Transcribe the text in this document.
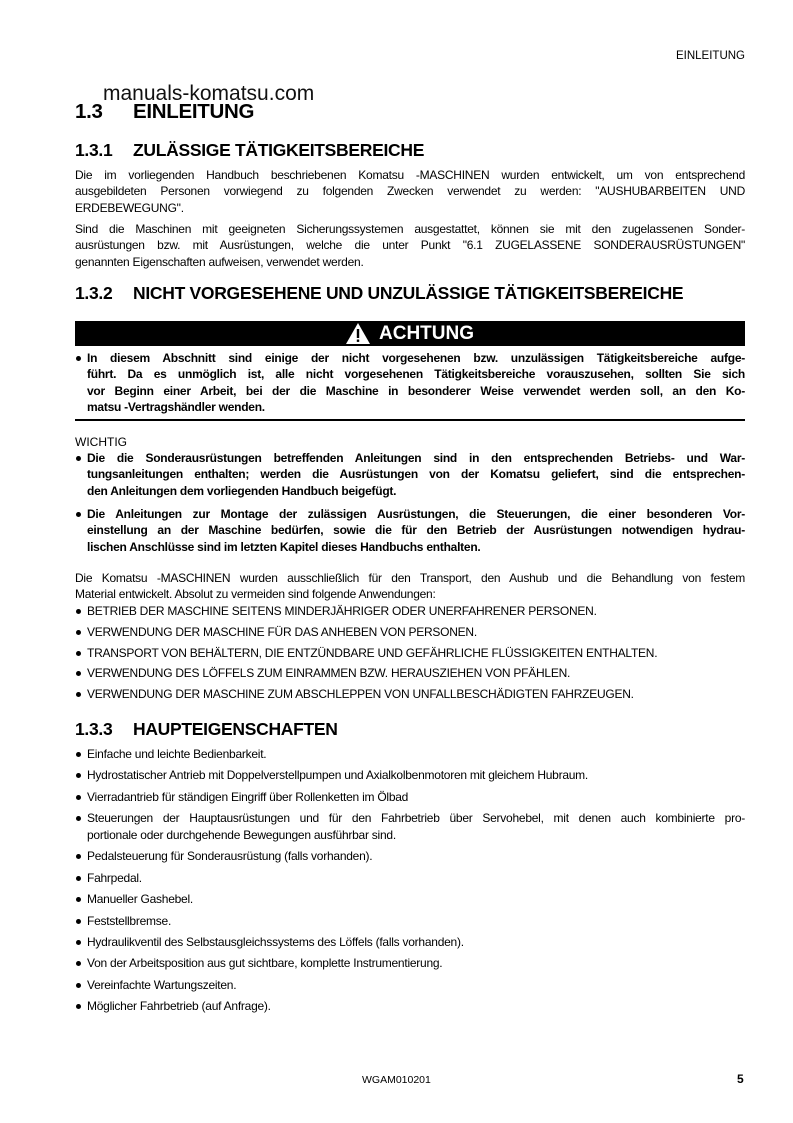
EINLEITUNG
manuals-komatsu.com
1.3 EINLEITUNG
1.3.1 ZULÄSSIGE TÄTIGKEITSBEREICHE
Die im vorliegenden Handbuch beschriebenen Komatsu -MASCHINEN wurden entwickelt, um von entsprechend
ausgebildeten Personen vorwiegend zu folgenden Zwecken verwendet zu werden: "AUSHUBARBEITEN UND
ERDEBEWEGUNG".
Sind die Maschinen mit geeigneten Sicherungssystemen ausgestattet, können sie mit den zugelassenen Sonder-
ausrüstungen bzw. mit Ausrüstungen, welche die unter Punkt "6.1 ZUGELASSENE SONDERAUSRÜSTUNGEN"
genannten Eigenschaften aufweisen, verwendet werden.
1.3.2 NICHT VORGESEHENE UND UNZULÄSSIGE TÄTIGKEITSBEREICHE
ACHTUNG
In diesem Abschnitt sind einige der nicht vorgesehenen bzw. unzulässigen Tätigkeitsbereiche aufge-
führt. Da es unmöglich ist, alle nicht vorgesehenen Tätigkeitsbereiche vorauszusehen, sollten Sie sich
vor Beginn einer Arbeit, bei der die Maschine in besonderer Weise verwendet werden soll, an den Ko-
matsu -Vertragshändler wenden.
WICHTIG
Die die Sonderausrüstungen betreffenden Anleitungen sind in den entsprechenden Betriebs- und War-
tungsanleitungen enthalten; werden die Ausrüstungen von der Komatsu geliefert, sind die entsprechen-
den Anleitungen dem vorliegenden Handbuch beigefügt.
Die Anleitungen zur Montage der zulässigen Ausrüstungen, die Steuerungen, die einer besonderen Vor-
einstellung an der Maschine bedürfen, sowie die für den Betrieb der Ausrüstungen notwendigen hydrau-
lischen Anschlüsse sind im letzten Kapitel dieses Handbuchs enthalten.
Die Komatsu -MASCHINEN wurden ausschließlich für den Transport, den Aushub und die Behandlung von festem
Material entwickelt. Absolut zu vermeiden sind folgende Anwendungen:
BETRIEB DER MASCHINE SEITENS MINDERJÄHRIGER ODER UNERFAHRENER PERSONEN.
VERWENDUNG DER MASCHINE FÜR DAS ANHEBEN VON PERSONEN.
TRANSPORT VON BEHÄLTERN, DIE ENTZÜNDBARE UND GEFÄHRLICHE FLÜSSIGKEITEN ENTHALTEN.
VERWENDUNG DES LÖFFELS ZUM EINRAMMEN BZW. HERAUSZIEHEN VON PFÄHLEN.
VERWENDUNG DER MASCHINE ZUM ABSCHLEPPEN VON UNFALLBESCHÄDIGTEN FAHRZEUGEN.
1.3.3 HAUPTEIGENSCHAFTEN
Einfache und leichte Bedienbarkeit.
Hydrostatischer Antrieb mit Doppelverstellpumpen und Axialkolbenmotoren mit gleichem Hubraum.
Vierradantrieb für ständigen Eingriff über Rollenketten im Ölbad
Steuerungen der Hauptausrüstungen und für den Fahrbetrieb über Servohebel, mit denen auch kombinierte pro-
portionale oder durchgehende Bewegungen ausführbar sind.
Pedalsteuerung für Sonderausrüstung (falls vorhanden).
Fahrpedal.
Manueller Gashebel.
Feststellbremse.
Hydraulikventil des Selbstausgleichssystems des Löffels (falls vorhanden).
Von der Arbeitsposition aus gut sichtbare, komplette Instrumentierung.
Vereinfachte Wartungszeiten.
Möglicher Fahrbetrieb (auf Anfrage).
WGAM010201	5
